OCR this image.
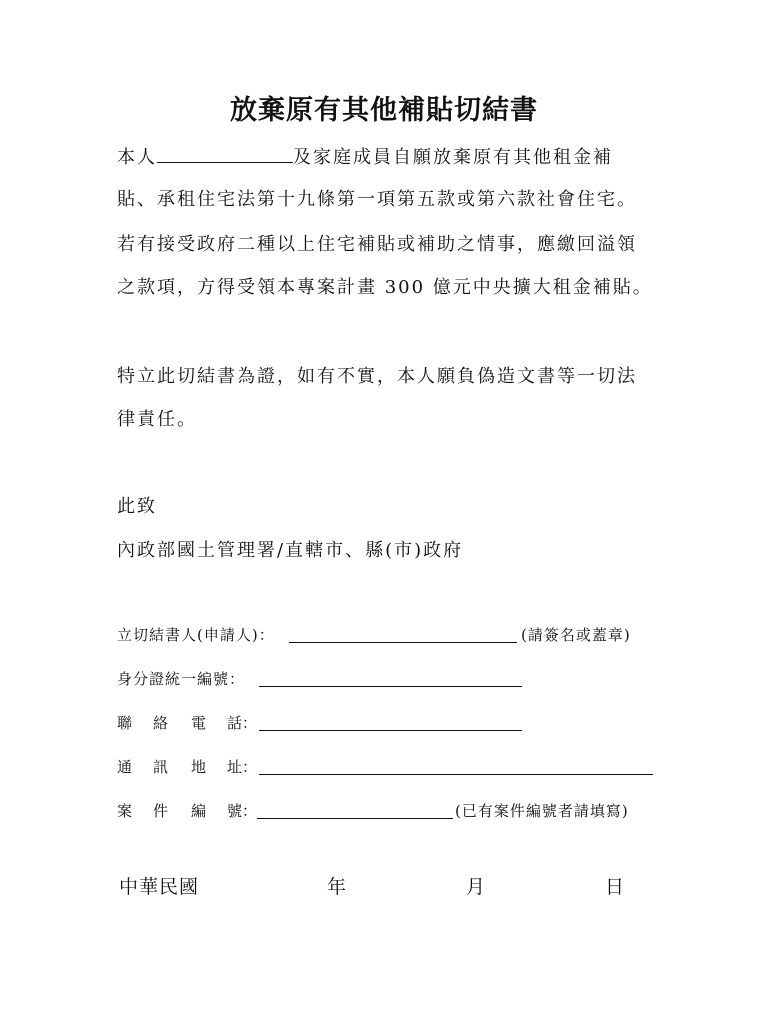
放棄原有其他補貼切結書
本人	及家庭成員自願放棄原有其他租金補
貼、承租住宅法第十九條第一項第五款或第六款社會住宅。
若有接受政府二種以上住宅補貼或補助之情事，應繳回溢領
之款項，方得受領本專案計畫 300 億元中央擴大租金補貼。
特立此切結書為證，如有不實，本人願負偽造文書等一切法
律責任。
此致
內政部國土管理署/直轄市、縣(市)政府
立切結書人(申請人)：	(請簽名或蓋章)
身分證統一編號：
聯 絡 電 話：
通 訊 地 址：
案 件 編 號：	(已有案件編號者請填寫)
中華民國	年	月	日
